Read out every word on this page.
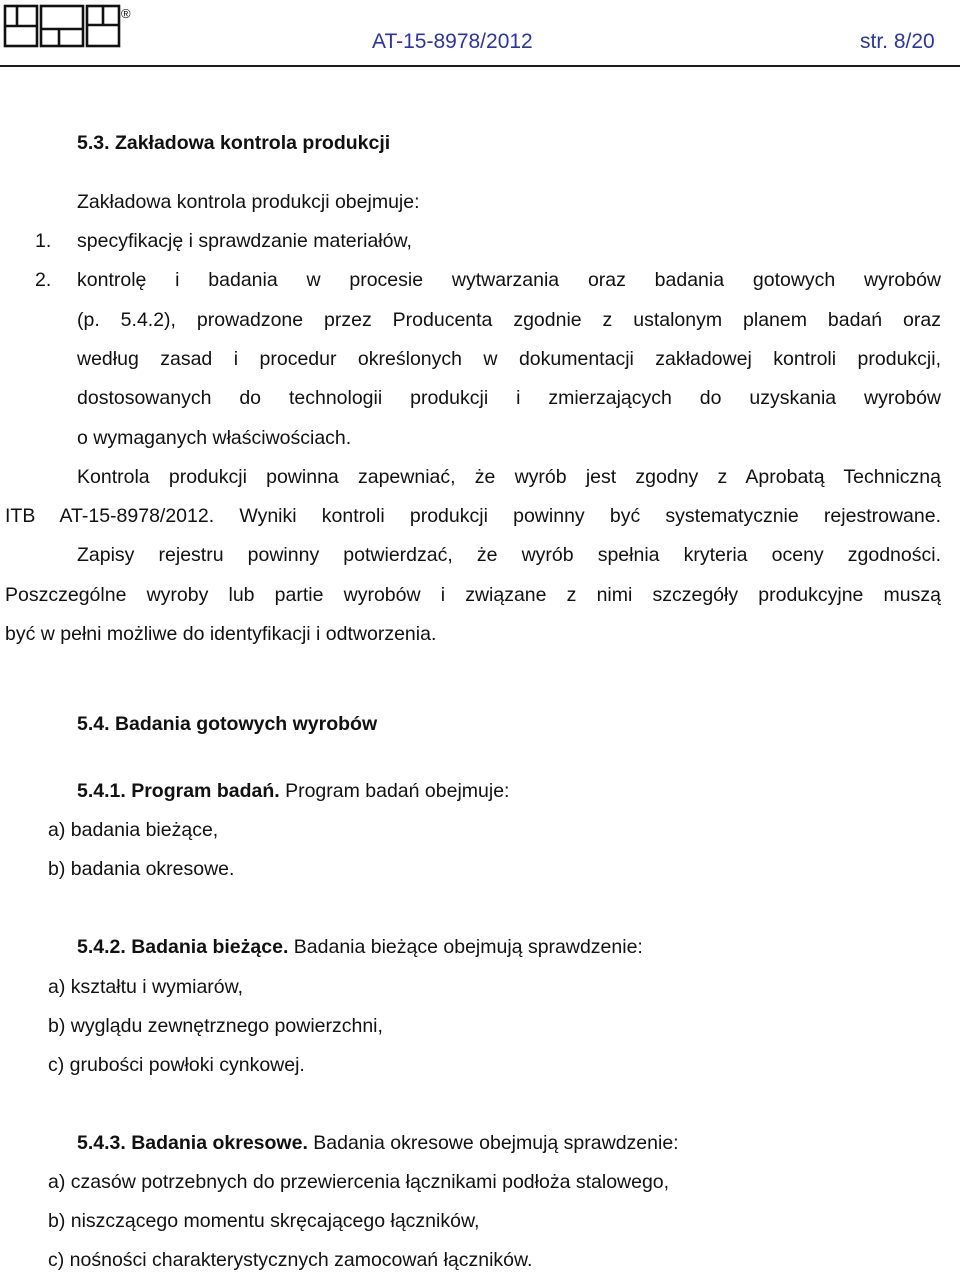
®
AT-15-8978/2012	str. 8/20
5.3. Zakładowa kontrola produkcji
Zakładowa kontrola produkcji obejmuje:
1. specyfikację i sprawdzanie materiałów,
2. kontrolę i badania w procesie wytwarzania oraz badania gotowych wyrobów
(p. 5.4.2), prowadzone przez Producenta zgodnie z ustalonym planem badań oraz
według zasad i procedur określonych w dokumentacji zakładowej kontroli produkcji,
dostosowanych do technologii produkcji i zmierzających do uzyskania wyrobów
o wymaganych właściwościach.
Kontrola produkcji powinna zapewniać, że wyrób jest zgodny z Aprobatą Techniczną
ITB AT-15-8978/2012. Wyniki kontroli produkcji powinny być systematycznie rejestrowane.
Zapisy rejestru powinny potwierdzać, że wyrób spełnia kryteria oceny zgodności.
Poszczególne wyroby lub partie wyrobów i związane z nimi szczegóły produkcyjne muszą
być w pełni możliwe do identyfikacji i odtworzenia.
5.4. Badania gotowych wyrobów
5.4.1. Program badań. Program badań obejmuje:
a) badania bieżące,
b) badania okresowe.
5.4.2. Badania bieżące. Badania bieżące obejmują sprawdzenie:
a) kształtu i wymiarów,
b) wyglądu zewnętrznego powierzchni,
c) grubości powłoki cynkowej.
5.4.3. Badania okresowe. Badania okresowe obejmują sprawdzenie:
a) czasów potrzebnych do przewiercenia łącznikami podłoża stalowego,
b) niszczącego momentu skręcającego łączników,
c) nośności charakterystycznych zamocowań łączników.
